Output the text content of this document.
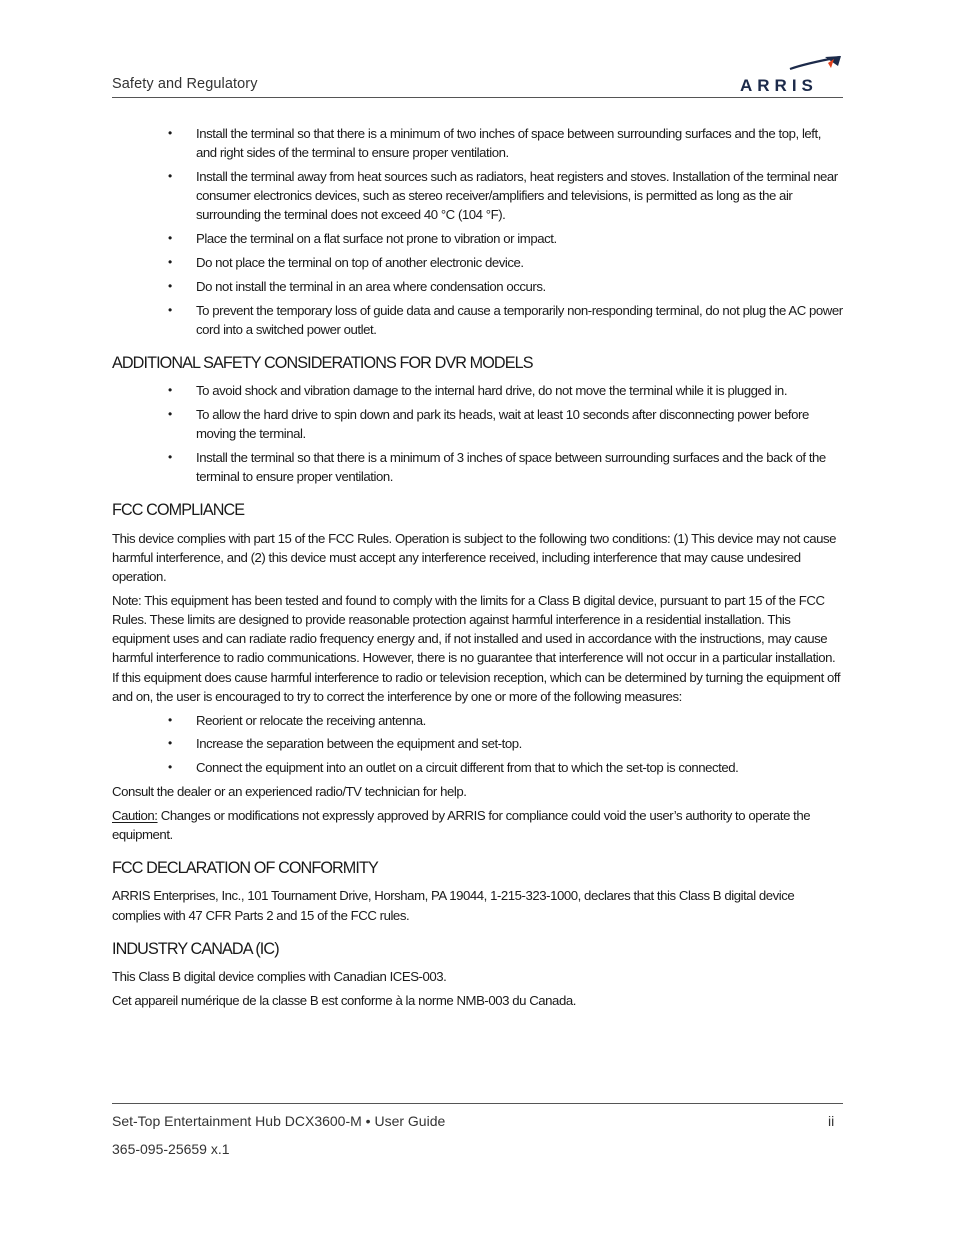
Safety and Regulatory	ARRIS
• Install the terminal so that there is a minimum of two inches of space between surrounding surfaces and the top, left, and right sides of the terminal to ensure proper ventilation.
• Install the terminal away from heat sources such as radiators, heat registers and stoves. Installation of the terminal near consumer electronics devices, such as stereo receiver/amplifiers and televisions, is permitted as long as the air surrounding the terminal does not exceed 40 °C (104 °F).
• Place the terminal on a flat surface not prone to vibration or impact.
• Do not place the terminal on top of another electronic device.
• Do not install the terminal in an area where condensation occurs.
• To prevent the temporary loss of guide data and cause a temporarily non-responding terminal, do not plug the AC power cord into a switched power outlet.
ADDITIONAL SAFETY CONSIDERATIONS FOR DVR MODELS
• To avoid shock and vibration damage to the internal hard drive, do not move the terminal while it is plugged in.
• To allow the hard drive to spin down and park its heads, wait at least 10 seconds after disconnecting power before moving the terminal.
• Install the terminal so that there is a minimum of 3 inches of space between surrounding surfaces and the back of the terminal to ensure proper ventilation.
FCC COMPLIANCE

This device complies with part 15 of the FCC Rules. Operation is subject to the following two conditions: (1) This device may not cause harmful interference, and (2) this device must accept any interference received, including interference that may cause undesired operation.

Note: This equipment has been tested and found to comply with the limits for a Class B digital device, pursuant to part 15 of the FCC Rules. These limits are designed to provide reasonable protection against harmful interference in a residential installation. This equipment uses and can radiate radio frequency energy and, if not installed and used in accordance with the instructions, may cause harmful interference to radio communications. However, there is no guarantee that interference will not occur in a particular installation. If this equipment does cause harmful interference to radio or television reception, which can be determined by turning the equipment off and on, the user is encouraged to try to correct the interference by one or more of the following measures:

• Reorient or relocate the receiving antenna.
• Increase the separation between the equipment and set-top.
• Connect the equipment into an outlet on a circuit different from that to which the set-top is connected.

Consult the dealer or an experienced radio/TV technician for help.

Caution: Changes or modifications not expressly approved by ARRIS for compliance could void the user’s authority to operate the equipment.

FCC DECLARATION OF CONFORMITY

ARRIS Enterprises, Inc., 101 Tournament Drive, Horsham, PA 19044, 1-215-323-1000, declares that this Class B digital device complies with 47 CFR Parts 2 and 15 of the FCC rules.

INDUSTRY CANADA (IC)

This Class B digital device complies with Canadian ICES-003.

Cet appareil numérique de la classe B est conforme à la norme NMB-003 du Canada.

Set-Top Entertainment Hub DCX3600-M • User Guide	ii
365-095-25659 x.1
